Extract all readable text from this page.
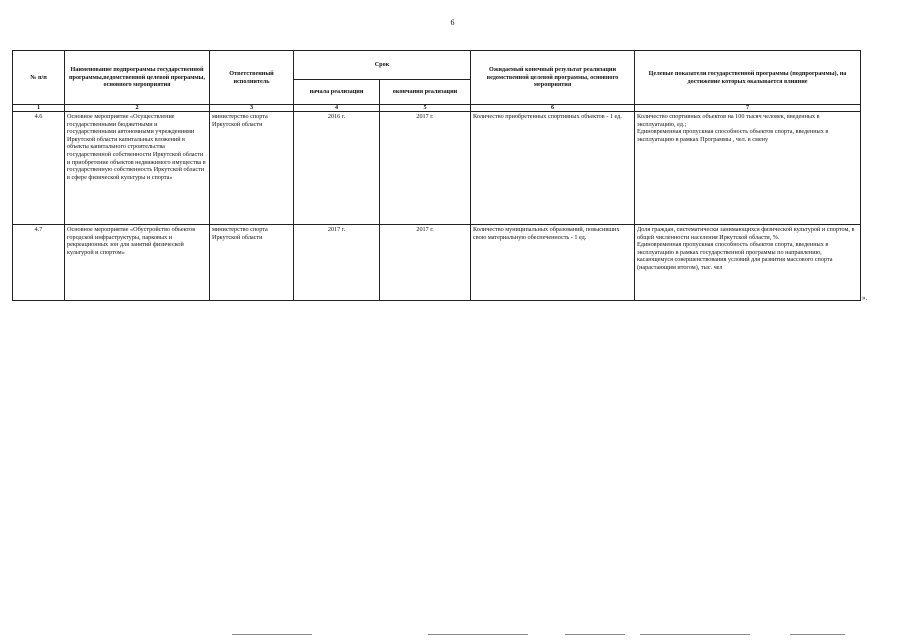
6
№ п/п	Наименование подпрограммы государственной программы,ведомственной целевой программы, основного мероприятия	Ответственный исполнитель	Срок		Ожидаемый конечный результат реализации ведомственной целевой программы, основного мероприятия	Целевые показатели государственной программы (подпрограммы), на достижение которых оказывается влияние
			начала реализации	окончания реализации		
1	2	3	4	5	6	7
4.6	Основное мероприятие «Осуществление государственными бюджетными и государственными автономными учреждениями Иркутской области капитальных вложений в объекты капитального строительства государственной собственности Иркутской области и приобретение объектов недвижимого имущества в государственную собственность Иркутской области в сфере физической культуры и спорта»	министерство спорта Иркутской области	2016 г.	2017 г.	Количество приобретенных спортивных объектов - 1 ед.	Количество спортивных объектов на 100 тысяч человек, введенных в эксплуатацию, ед.;
Единовременная пропускная способность объектов спорта, введенных в эксплуатацию в рамках Программы , чел. в смену

4.7	Основное мероприятие «Обустройство объектов городской инфраструктуры, парковых и рекреационных зон для занятий физической культурой и спортом»	министерство спорта Иркутской области	2017 г.	2017 г.	Количество муниципальных образований, повысивших свою материальную обеспеченность - 1 ед.	Доля граждан, систематически занимающихся физической культурой и спортом, в общей численности населения Иркутской области, %.
Единовременная пропускная способность объектов спорта, введенных в эксплуатацию в рамках государственной программы по направлению, касающемуся совершенствования условий для развития массового спорта (нарастающим итогом), тыс. чел
».
